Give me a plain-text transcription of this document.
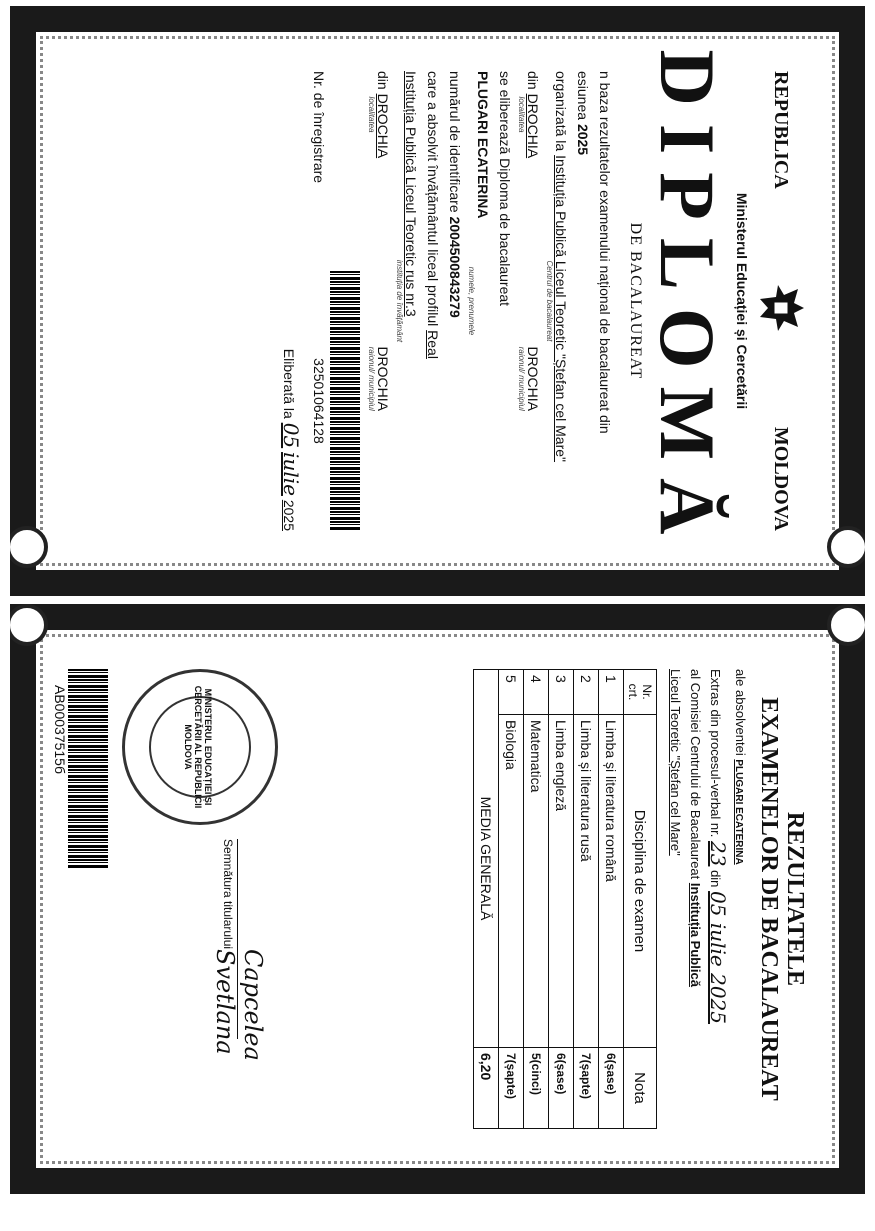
REPUBLICA
MOLDOVA
Ministerul Educației și Cercetării
DIPLOMĂ
DE BACALAUREAT
n baza rezultatelor examenului național de bacalaureat din
esiunea 2025
organizată la Instituția Publică Liceul Teoretic "Ștefan cel Mare"
Centrul de bacalaureat
din DROCHIA
localitatea
DROCHIA
raionul/ municipiul
se eliberează Diploma de bacalaureat
PLUGARI ECATERINA
numele, prenumele
numărul de identificare 2004500843279
care a absolvit învățământul liceal profilul Real
Instituția Publică Liceul Teoretic rus nr.3
instituția de învățământ
din DROCHIA
localitatea
DROCHIA
raionul/ municipiul
Nr. de înregistrare
32501064128
Eliberată la 05 iulie 2025
REZULTATELE
EXAMENELOR DE BACALAUREAT
ale absolventei PLUGARI ECATERINA
Extras din procesul-verbal nr. 23 din 05 iulie 2025
al Comisiei Centrului de Bacalaureat Instituția Publică
Liceul Teoretic "Ștefan cel Mare"
Nr. crt.	Disciplina de examen	Nota
1	Limba și literatura română	6(șase)
2	Limba și literatura rusă	7(șapte)
3	Limba engleză	6(șase)
4	Matematica	5(cinci)
5	Biologia	7(șapte)
MEDIA GENERALĂ		6,20
MINISTERUL EDUCAȚIEI ȘI CERCETĂRII AL REPUBLICII MOLDOVA
Semnătura titularului
Capcelea Svetlana
AB00037515б
